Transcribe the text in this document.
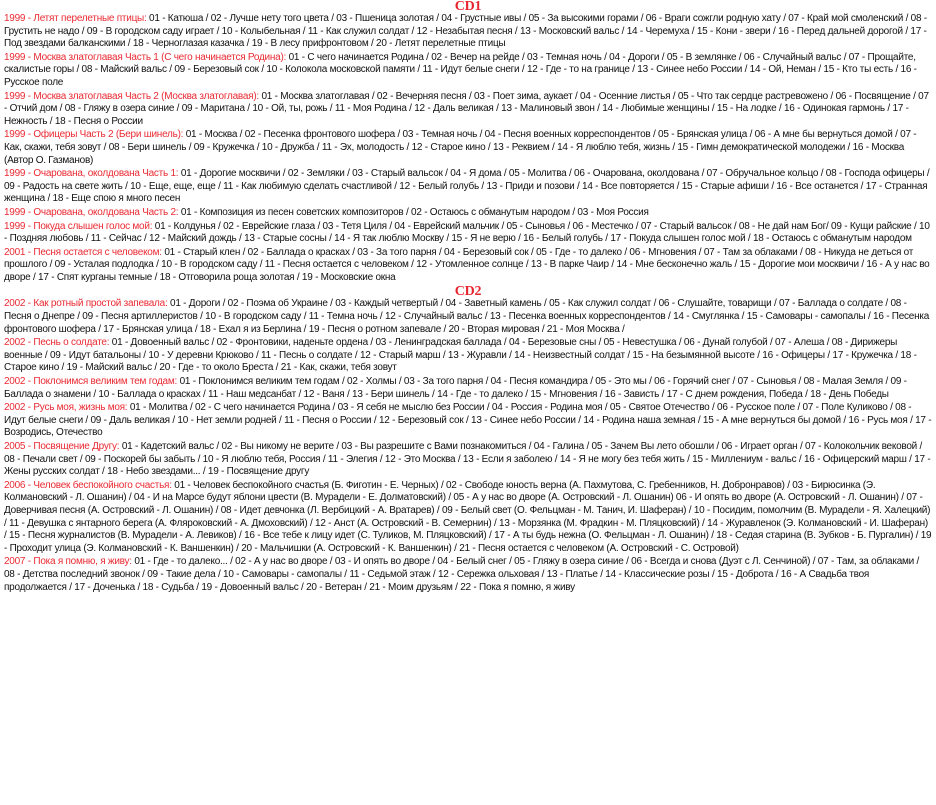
CD1
1999 - Летят перелетные птицы: 01 - Катюша / 02 - Лучше нету того цвета / 03 - Пшеница золотая / 04 - Грустные ивы / 05 - За высокими горами / 06 - Враги сожгли родную хату / 07 - Край мой смоленский / 08 - Грустить не надо / 09 - В городском саду играет / 10 - Колыбельная / 11 - Как служил солдат / 12 - Незабытая песня / 13 - Московский вальс / 14 - Черемуха / 15 - Кони - звери / 16 - Перед дальней дорогой / 17 - Под звездами балканскими / 18 - Черноглазая казачка / 19 - В лесу прифронтовом / 20 - Летят перелетные птицы
1999 - Москва златоглавая Часть 1 (С чего начинается Родина): 01 - С чего начинается Родина / 02 - Вечер на рейде / 03 - Темная ночь / 04 - Дороги / 05 - В землянке / 06 - Случайный вальс / 07 - Прощайте, скалистые горы / 08 - Майский вальс / 09 - Березовый сок / 10 - Колокола московской памяти / 11 - Идут белые снеги / 12 - Где - то на границе / 13 - Синее небо России / 14 - Ой, Неман / 15 - Кто ты есть / 16 - Русское поле
1999 - Москва златоглавая Часть 2 (Москва златоглавая): 01 - Москва златоглавая / 02 - Вечерняя песня / 03 - Поет зима, аукает / 04 - Осенние листья / 05 - Что так сердце растревожено / 06 - Посвящение / 07 - Отчий дом / 08 - Гляжу в озера синие / 09 - Маритана / 10 - Ой, ты, рожь / 11 - Моя Родина / 12 - Даль великая / 13 - Малиновый звон / 14 - Любимые женщины / 15 - На лодке / 16 - Одинокая гармонь / 17 - Нежность / 18 - Песня о России
1999 - Офицеры Часть 2 (Бери шинель): 01 - Москва / 02 - Песенка фронтового шофера / 03 - Темная ночь / 04 - Песня военных корреспондентов / 05 - Брянская улица / 06 - А мне бы вернуться домой / 07 - Как, скажи, тебя зовут / 08 - Бери шинель / 09 - Кружечка / 10 - Дружба / 11 - Эх, молодость / 12 - Старое кино / 13 - Реквием / 14 - Я люблю тебя, жизнь / 15 - Гимн демократической молодежи / 16 - Москва (Автор О. Газманов)
1999 - Очарована, околдована Часть 1: 01 - Дорогие москвичи / 02 - Земляки / 03 - Старый вальсок / 04 - Я дома / 05 - Молитва / 06 - Очарована, околдована / 07 - Обручальное кольцо / 08 - Господа офицеры / 09 - Радость на свете жить / 10 - Еще, еще, еще / 11 - Как любимую сделать счастливой / 12 - Белый голубь / 13 - Приди и позови / 14 - Все повторяется / 15 - Старые афиши / 16 - Все останется / 17 - Странная женщина / 18 - Еще спою я много песен
1999 - Очарована, околдована Часть 2: 01 - Композиция из песен советских композиторов / 02 - Остаюсь с обманутым народом / 03 - Моя Россия
1999 - Покуда слышен голос мой: 01 - Колдунья / 02 - Еврейские глаза / 03 - Тетя Циля / 04 - Еврейский мальчик / 05 - Сыновья / 06 - Местечко / 07 - Старый вальсок / 08 - Не дай нам Бог/ 09 - Кущи райские / 10 - Поздняя любовь / 11 - Сейчас / 12 - Майский дождь / 13 - Старые сосны / 14 - Я так люблю Москву / 15 - Я не верю / 16 - Белый голубь / 17 - Покуда слышен голос мой / 18 - Остаюсь с обманутым народом
2001 - Песня остается с человеком: 01 - Старый клен / 02 - Баллада о красках / 03 - За того парня / 04 - Березовый сок / 05 - Где - то далеко / 06 - Мгновения / 07 - Там за облаками / 08 - Никуда не деться от прошлого / 09 - Усталая подлодка / 10 - В городском саду / 11 - Песня остается с человеком / 12 - Утомленное солнце / 13 - В парке Чаир / 14 - Мне бесконечно жаль / 15 - Дорогие мои москвичи / 16 - А у нас во дворе / 17 - Спят курганы темные / 18 - Отговорила роща золотая / 19 - Московские окна
CD2
2002 - Как ротный простой запевала: 01 - Дороги / 02 - Поэма об Украине / 03 - Каждый четвертый / 04 - Заветный камень / 05 - Как служил солдат / 06 - Слушайте, товарищи / 07 - Баллада о солдате / 08 - Песня о Днепре / 09 - Песня артиллеристов / 10 - В городском саду / 11 - Темна ночь / 12 - Случайный вальс / 13 - Песенка военных корреспондентов / 14 - Смуглянка / 15 - Самовары - самопалы / 16 - Песенка фронтового шофера / 17 - Брянская улица / 18 - Ехал я из Берлина / 19 - Песня о ротном запевале / 20 - Вторая мировая / 21 - Моя Москва /
2002 - Песнь о солдате: 01 - Довоенный вальс / 02 - Фронтовики, наденьте ордена / 03 - Ленинградская баллада / 04 - Березовые сны / 05 - Невестушка / 06 - Дунай голубой / 07 - Алеша / 08 - Дирижеры военные / 09 - Идут батальоны / 10 - У деревни Крюково / 11 - Песнь о солдате / 12 - Старый марш / 13 - Журавли / 14 - Неизвестный солдат / 15 - На безымянной высоте / 16 - Офицеры / 17 - Кружечка / 18 - Старое кино / 19 - Майский вальс / 20 - Где - то около Бреста / 21 - Как, скажи, тебя зовут
2002 - Поклонимся великим тем годам: 01 - Поклонимся великим тем годам / 02 - Холмы / 03 - За того парня / 04 - Песня командира / 05 - Это мы / 06 - Горячий снег / 07 - Сыновья / 08 - Малая Земля / 09 - Баллада о знамени / 10 - Баллада о красках / 11 - Наш медсанбат / 12 - Ваня / 13 - Бери шинель / 14 - Где - то далеко / 15 - Мгновения / 16 - Зависть / 17 - С днем рождения, Победа / 18 - День Победы
2002 - Русь моя, жизнь моя: 01 - Молитва / 02 - С чего начинается Родина / 03 - Я себя не мыслю без России / 04 - Россия - Родина моя / 05 - Святое Отечество / 06 - Русское поле / 07 - Поле Куликово / 08 - Идут белые снеги / 09 - Даль великая / 10 - Нет земли родней / 11 - Песня о России / 12 - Березовый сок / 13 - Синее небо России / 14 - Родина наша земная / 15 - А мне вернуться бы домой / 16 - Русь моя / 17 - Возродись, Отечество
2005 - Посвящение Другу: 01 - Кадетский вальс / 02 - Вы никому не верите / 03 - Вы разрешите с Вами познакомиться / 04 - Галина / 05 - Зачем Вы лето обошли / 06 - Играет орган / 07 - Колокольчик вековой / 08 - Печали свет / 09 - Поскорей бы забыть / 10 - Я люблю тебя, Россия / 11 - Элегия / 12 - Это Москва / 13 - Если я заболею / 14 - Я не могу без тебя жить / 15 - Миллениум - вальс / 16 - Офицерский марш / 17 - Жены русских солдат / 18 - Небо звездами... / 19 - Посвящение другу
2006 - Человек беспокойного счастья: 01 - Человек беспокойного счастья (Б. Фиготин - Е. Черных) / 02 - Свободе юность верна (А. Пахмутова, С. Гребенников, Н. Добронравов) / 03 - Бирюсинка (Э. Колмановский - Л. Ошанин) / 04 - И на Марсе будут яблони цвести (В. Мурадели - Е. Долматовский) / 05 - А у нас во дворе (А. Островский - Л. Ошанин) 06 - И опять во дворе (А. Островский - Л. Ошанин) / 07 - Доверчивая песня (А. Островский - Л. Ошанин) / 08 - Идет девчонка (Л. Вербицкий - А. Вратарев) / 09 - Белый свет (О. Фельцман - М. Танич, И. Шаферан) / 10 - Посидим, помолчим (В. Мурадели - Я. Халецкий) / 11 - Девушка с янтарного берега (А. Фляроковский - А. Дмоховский) / 12 - Анст (А. Островский - В. Семернин) / 13 - Морзянка (М. Фрадкин - М. Пляцковский) / 14 - Журавленок (Э. Колмановский - И. Шаферан) / 15 - Песня журналистов (В. Мурадели - А. Левиков) / 16 - Все тебе к лицу идет (С. Туликов, М. Пляцковский) / 17 - А ты будь нежна (О. Фельцман - Л. Ошанин) / 18 - Седая старина (В. Зубков - Б. Пургалин) / 19 - Проходит улица (Э. Колмановский - К. Ваншенкин) / 20 - Мальчишки (А. Островский - К. Ваншенкин) / 21 - Песня остается с человеком (А. Островский - С. Островой)
2007 - Пока я помню, я живу: 01 - Где - то далеко... / 02 - А у нас во дворе / 03 - И опять во дворе / 04 - Белый снег / 05 - Гляжу в озера синие / 06 - Всегда и снова (Дуэт с Л. Сенчиной) / 07 - Там, за облаками / 08 - Детства последний звонок / 09 - Такие дела / 10 - Самовары - самопалы / 11 - Седьмой этаж / 12 - Сережка ольховая / 13 - Платье / 14 - Классические розы / 15 - Доброта / 16 - А Свадьба твоя продолжается / 17 - Доченька / 18 - Судьба / 19 - Довоенный вальс / 20 - Ветеран / 21 - Моим друзьям / 22 - Пока я помню, я живу
